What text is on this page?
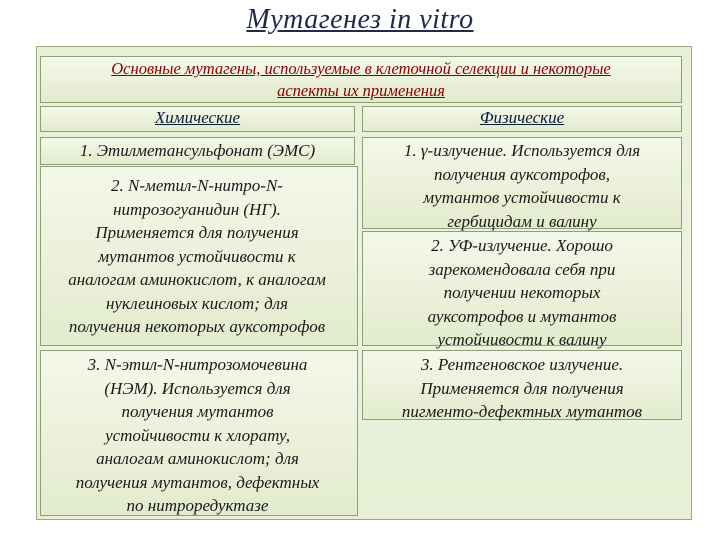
Мутагенез in vitro
Основные мутагены, используемые в клеточной селекции и некоторые
аспекты их применения
Химические	Физические
1. Этилметансульфонат (ЭМС)
2. N-метил-N-нитро-N-
нитрозогуанидин (НГ).
Применяется для получения
мутантов устойчивости к
аналогам аминокислот, к аналогам
нуклеиновых кислот; для
получения некоторых ауксотрофов
3. N-этил-N-нитрозомочевина
(НЭМ). Используется для
получения мутантов
устойчивости к хлорату,
аналогам аминокислот; для
получения мутантов, дефектных
по нитроредуктазе
1. γ-излучение. Используется для
получения ауксотрофов,
мутантов устойчивости к
гербицидам и валину
2. УФ-излучение. Хорошо
зарекомендовала себя при
получении некоторых
ауксотрофов и мутантов
устойчивости к валину
3. Рентгеновское излучение.
Применяется для получения
пигменто-дефектных мутантов
